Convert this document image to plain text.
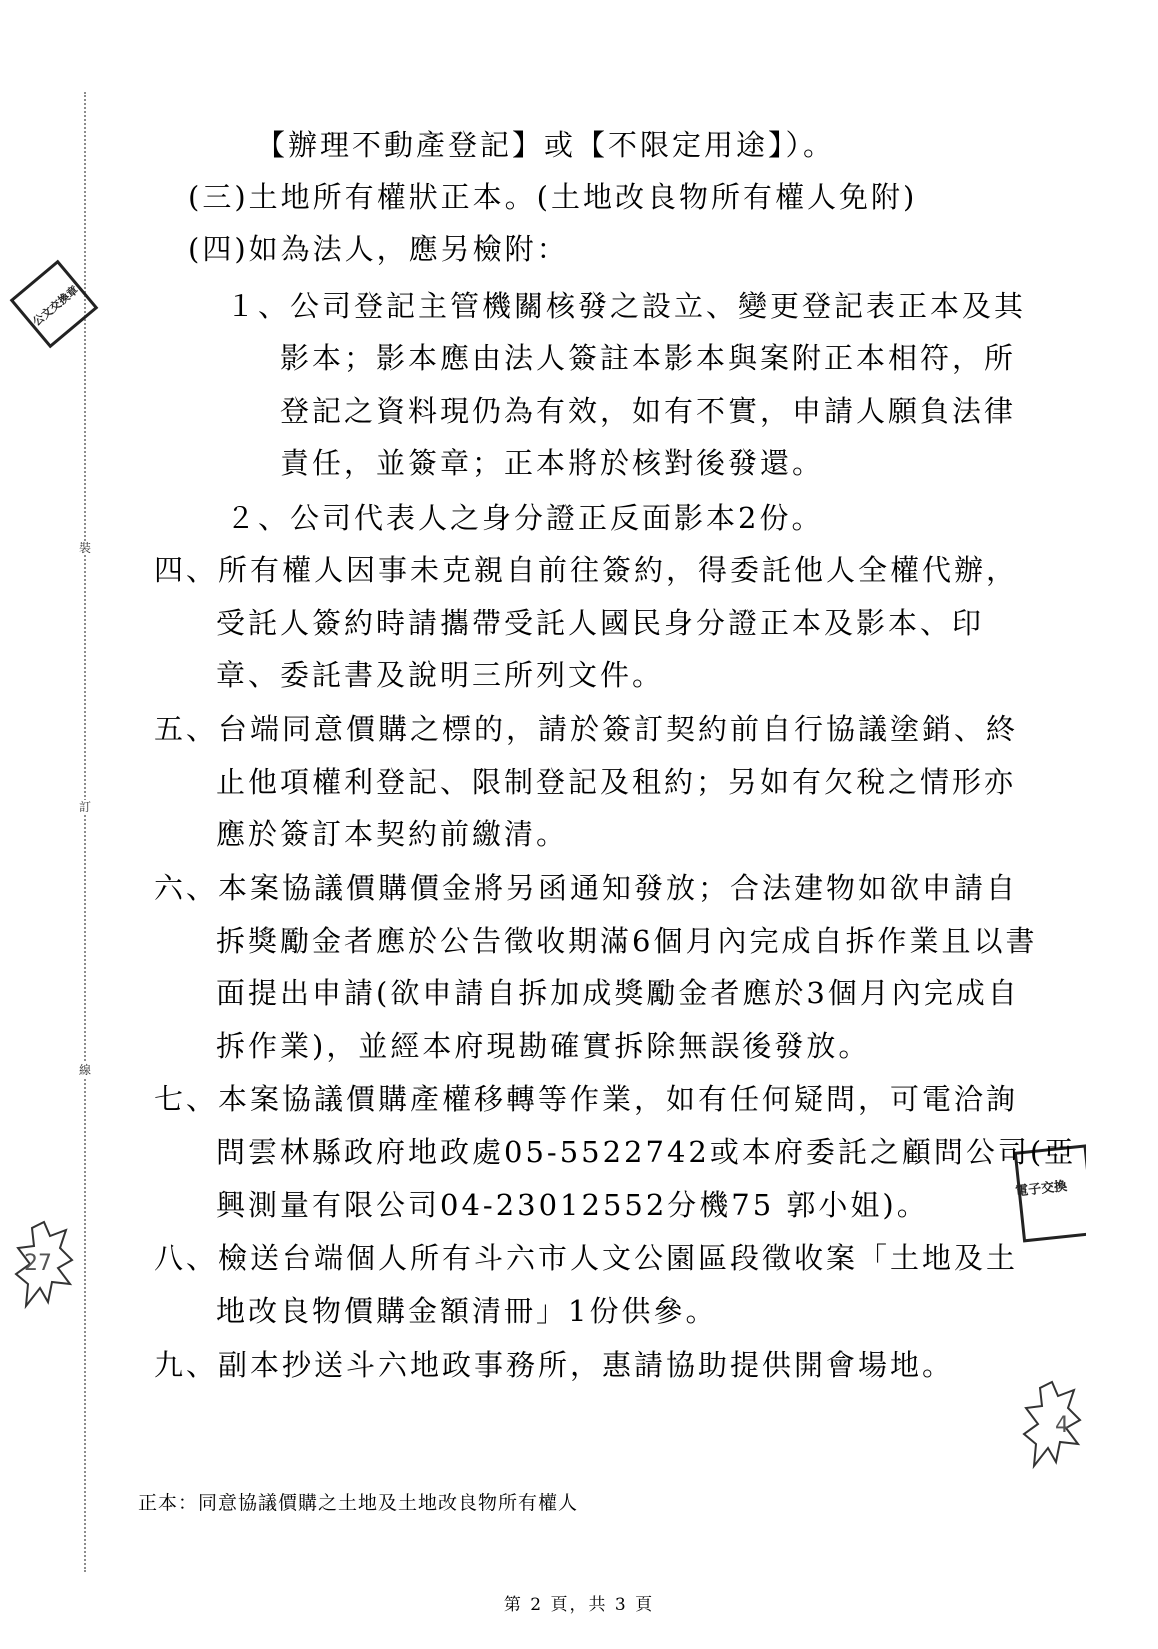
裝
訂
線
公文交換章
27
電子交換
4
【辦理不動產登記】或【不限定用途】）。
(三)土地所有權狀正本。(土地改良物所有權人免附)
(四)如為法人，應另檢附：
１、公司登記主管機關核發之設立、變更登記表正本及其
影本；影本應由法人簽註本影本與案附正本相符，所
登記之資料現仍為有效，如有不實，申請人願負法律
責任，並簽章；正本將於核對後發還。
２、公司代表人之身分證正反面影本2份。
四、所有權人因事未克親自前往簽約，得委託他人全權代辦，
受託人簽約時請攜帶受託人國民身分證正本及影本、印
章、委託書及說明三所列文件。
五、台端同意價購之標的，請於簽訂契約前自行協議塗銷、終
止他項權利登記、限制登記及租約；另如有欠稅之情形亦
應於簽訂本契約前繳清。
六、本案協議價購價金將另函通知發放；合法建物如欲申請自
拆獎勵金者應於公告徵收期滿6個月內完成自拆作業且以書
面提出申請(欲申請自拆加成獎勵金者應於3個月內完成自
拆作業)，並經本府現勘確實拆除無誤後發放。
七、本案協議價購產權移轉等作業，如有任何疑問，可電洽詢
問雲林縣政府地政處05-5522742或本府委託之顧問公司(亞
興測量有限公司04-23012552分機75 郭小姐)。
八、檢送台端個人所有斗六市人文公園區段徵收案「土地及土
地改良物價購金額清冊」1份供參。
九、副本抄送斗六地政事務所，惠請協助提供開會場地。
正本：同意協議價購之土地及土地改良物所有權人
第 2 頁，共 3 頁
